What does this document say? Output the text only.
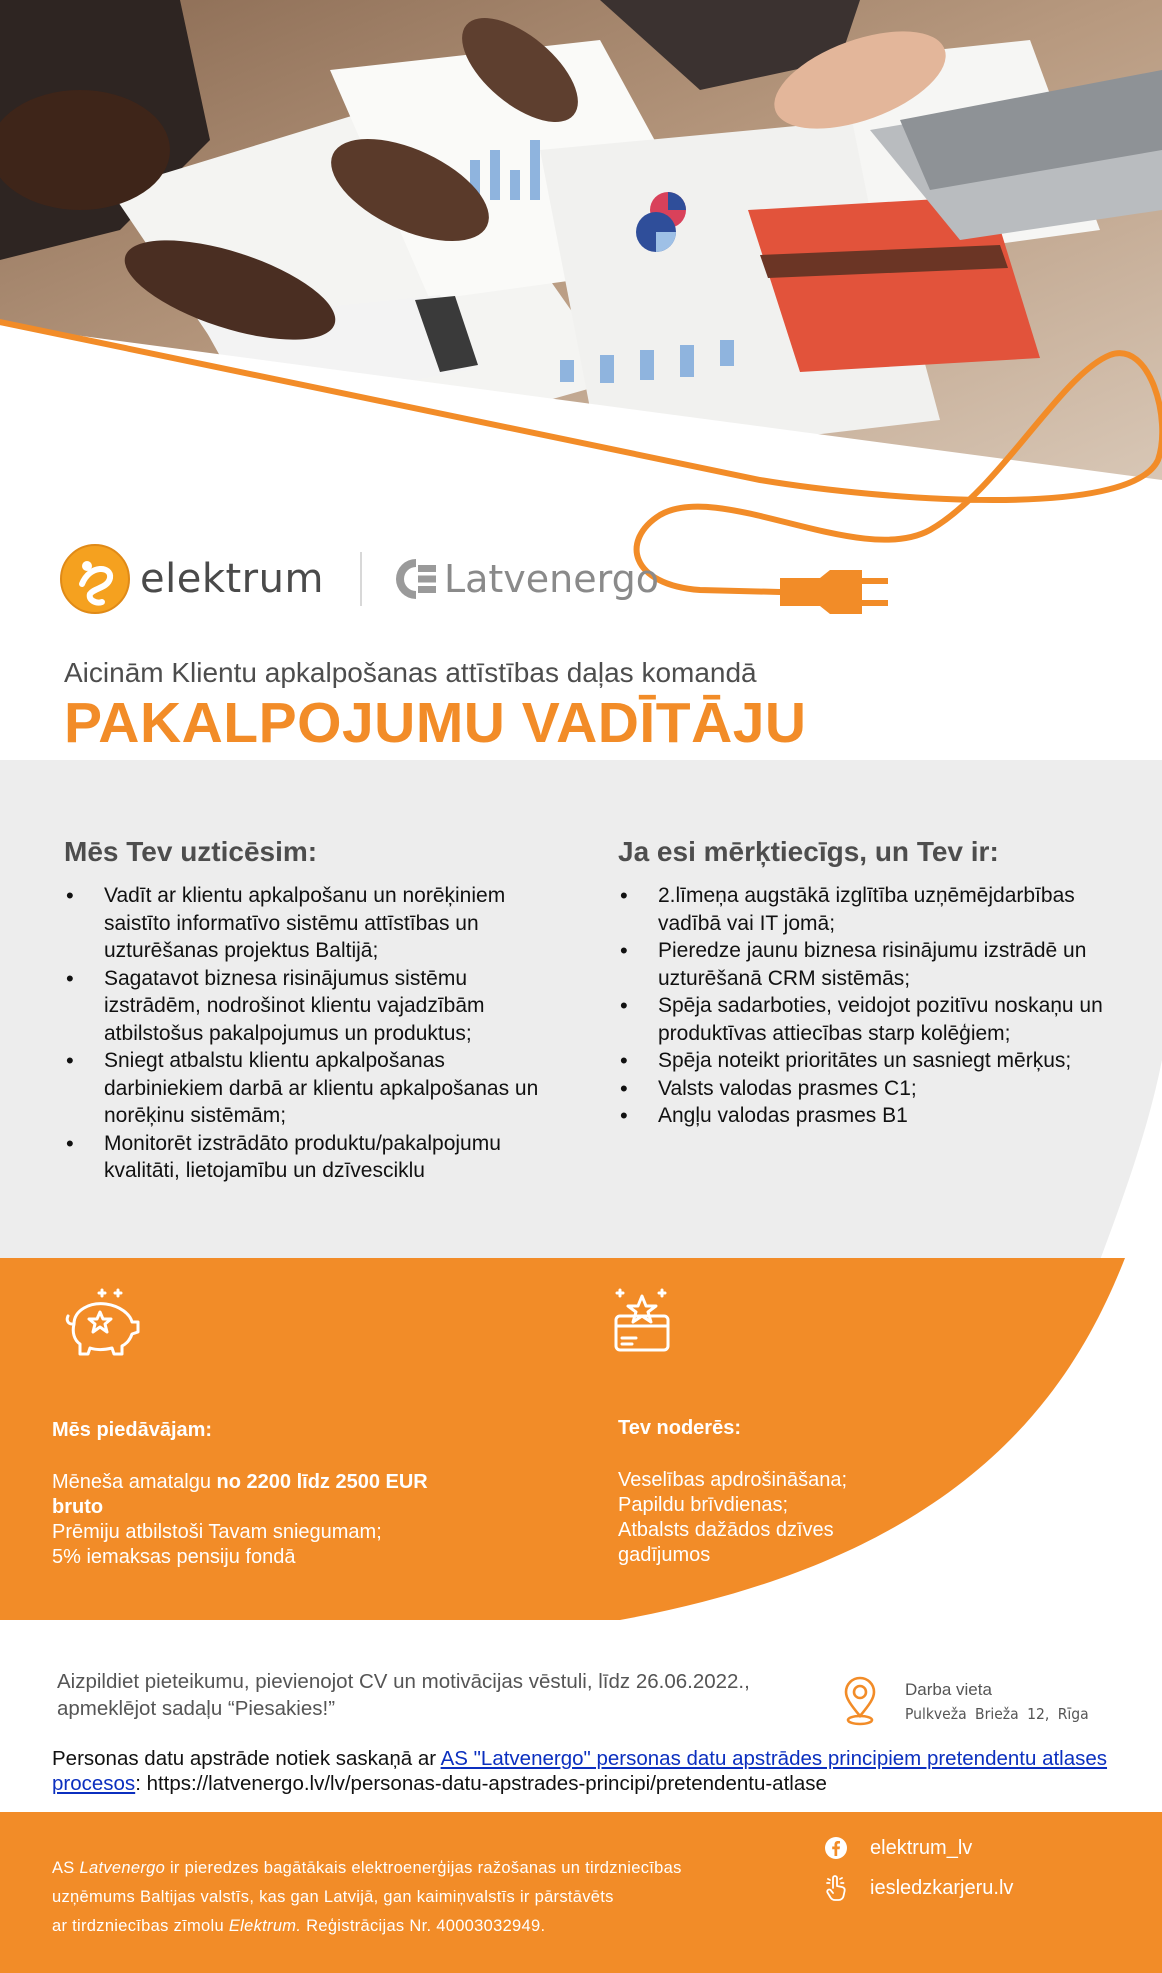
elektrum	Latvenergo
Aicinām Klientu apkalpošanas attīstības daļas komandā
PAKALPOJUMU VADĪTĀJU
Mēs Tev uzticēsim:
• Vadīt ar klientu apkalpošanu un norēķiniem saistīto informatīvo sistēmu attīstības un uzturēšanas projektus Baltijā;
• Sagatavot biznesa risinājumus sistēmu izstrādēm, nodrošinot klientu vajadzībām atbilstošus pakalpojumus un produktus;
• Sniegt atbalstu klientu apkalpošanas darbiniekiem darbā ar klientu apkalpošanas un norēķinu sistēmām;
• Monitorēt izstrādāto produktu/pakalpojumu kvalitāti, lietojamību un dzīvesciklu
Ja esi mērķtiecīgs, un Tev ir:
• 2.līmeņa augstākā izglītība uzņēmējdarbības vadībā vai IT jomā;
• Pieredze jaunu biznesa risinājumu izstrādē un uzturēšanā CRM sistēmās;
• Spēja sadarboties, veidojot pozitīvu noskaņu un produktīvas attiecības starp kolēģiem;
• Spēja noteikt prioritātes un sasniegt mērķus;
• Valsts valodas prasmes C1;
• Angļu valodas prasmes B1
Mēs piedāvājam:

Mēneša amatalgu no 2200 līdz 2500 EUR bruto

Prēmiju atbilstoši Tavam sniegumam;

5% iemaksas pensiju fondā

Tev noderēs:

Veselības apdrošināšana;

Papildu brīvdienas;

Atbalsts dažādos dzīves gadījumos

Aizpildiet pieteikumu, pievienojot CV un motivācijas vēstuli, līdz 26.06.2022.,
apmeklējot sadaļu “Piesakies!”
Darba vieta
Pulkveža Brieža 12, Rīga
Personas datu apstrāde notiek saskaņā ar AS "Latvenergo" personas datu apstrādes principiem pretendentu atlases procesos: https://latvenergo.lv/lv/personas-datu-apstrades-principi/pretendentu-atlase
AS Latvenergo ir pieredzes bagātākais elektroenerģijas ražošanas un tirdzniecības
uzņēmums Baltijas valstīs, kas gan Latvijā, gan kaimiņvalstīs ir pārstāvēts
ar tirdzniecības zīmolu Elektrum. Reģistrācijas Nr. 40003032949.
elektrum_lv
iesledzkarjeru.lv
